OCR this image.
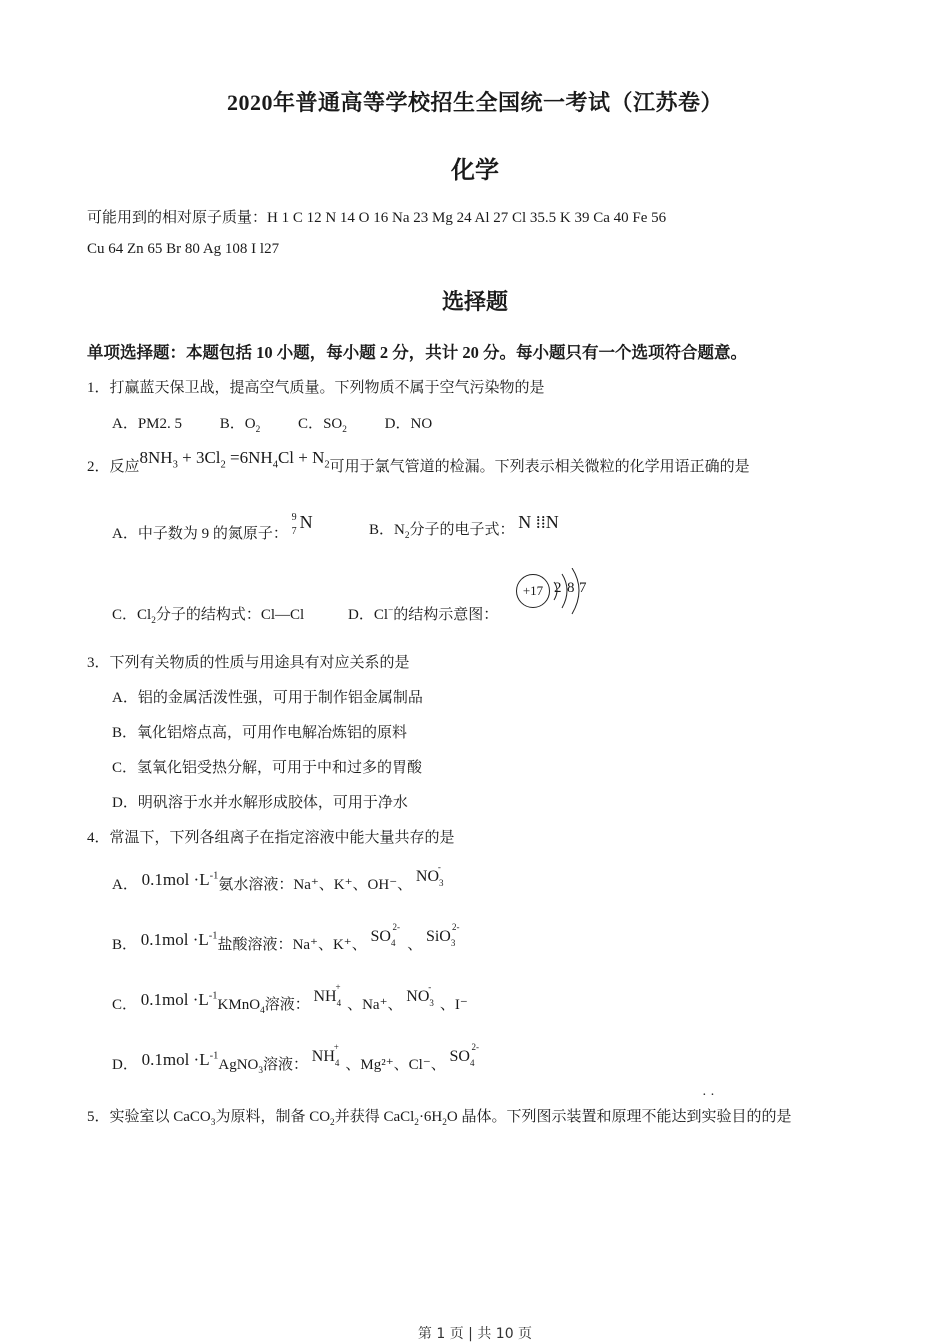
2020年普通高等学校招生全国统一考试（江苏卷）
化学
可能用到的相对原子质量：H 1 C 12 N 14 O 16 Na 23 Mg 24 Al 27 Cl 35.5 K 39 Ca 40 Fe 56
Cu 64 Zn 65 Br 80 Ag 108 I l27
选择题
单项选择题：本题包括 10 小题，每小题 2 分，共计 20 分。每小题只有一个选项符合题意。
1．打赢蓝天保卫战，提高空气质量。下列物质不属于空气污染物的是
A．PM2. 5	B．$O_2$	C．$SO_2$	D．NO
2．反应$8NH_3 + 3Cl_2 =6NH_4Cl + N_2$可用于氯气管道的检漏。下列表示相关微粒的化学用语正确的是
A．中子数为 9 的氮原子：
9
7 N	B．$N_2$分子的电子式： N ⁞⁞N
C．$Cl_2$分子的结构式：Cl—Cl	D．Cl−的结构示意图：
+17 2 8 7
3．下列有关物质的性质与用途具有对应关系的是
A．铝的金属活泼性强，可用于制作铝金属制品
B．氧化铝熔点高，可用作电解冶炼铝的原料
C．氢氧化铝受热分解，可用于中和过多的胃酸
D．明矾溶于水并水解形成胶体，可用于净水
4．常温下，下列各组离子在指定溶液中能大量共存的是
A． $0.1mol \cdot L^{-1}$氨水溶液：Na⁺、K⁺、OH⁻、 $NO_3$
-
B． $0.1mol \cdot L^{-1}$盐酸溶液：Na⁺、K⁺、 $SO_4$
2-
、 SiO$_3$
2-
C． $0.1mol \cdot L^{-1}KMnO_4$溶液： $NH_4$
+
、Na⁺、 $NO_3$
-
、I⁻
D． $0.1mol \cdot L^{-1}AgNO_3$溶液： $NH_4$
+
、Mg²⁺、Cl⁻、 $SO_4$
2-
· ·
5．实验室以 CaCO$_3$为原料，制备 $CO_2$并获得 $CaCl_2\cdot 6H_2O$ 晶体。下列图示装置和原理不能达到实验目的的是
第 1 页 | 共 10 页
